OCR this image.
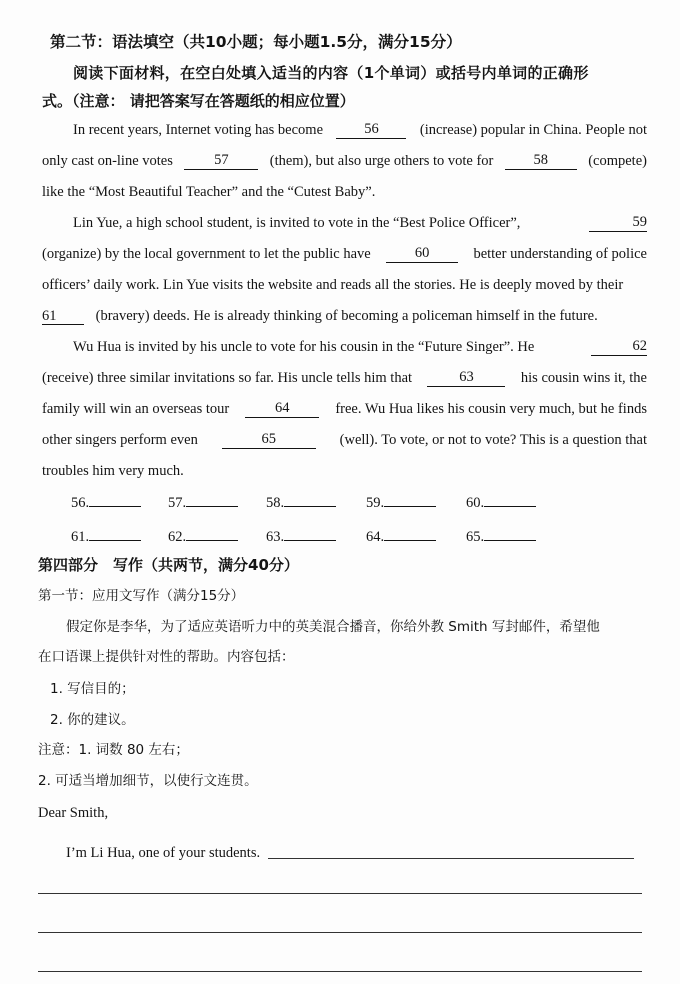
第二节：语法填空（共10小题；每小题1.5分，满分15分）
阅读下面材料，在空白处填入适当的内容（1个单词）或括号内单词的正确形
式。（注意： 请把答案写在答题纸的相应位置）
In recent years, Internet voting has become	56	(increase) popular in China. People not
only cast on-line votes	57	(them), but also urge others to vote for	58	(compete)
like the “Most Beautiful Teacher” and the “Cutest Baby”.
Lin Yue, a high school student, is invited to vote in the “Best Police Officer”,	59
(organize) by the local government to let the public have	60	better understanding of police
officers’ daily work. Lin Yue visits the website and reads all the stories. He is deeply moved by their
61	(bravery) deeds. He is already thinking of becoming a policeman himself in the future.
Wu Hua is invited by his uncle to vote for his cousin in the “Future Singer”. He	62
(receive) three similar invitations so far. His uncle tells him that	63	his cousin wins it, the
family will win an overseas tour	64	free. Wu Hua likes his cousin very much, but he finds
other singers perform even	65	(well). To vote, or not to vote? This is a question that
troubles him very much.
56.	57.	58.	59.	60.
61.	62.	63.	64.	65.
第四部分　写作（共两节，满分40分）
第一节：应用文写作（满分15分）
假定你是李华，为了适应英语听力中的英美混合播音，你给外教 Smith 写封邮件，希望他
在口语课上提供针对性的帮助。内容包括：
1. 写信目的；
2. 你的建议。
注意：1. 词数 80 左右；
2. 可适当增加细节，以使行文连贯。
Dear Smith,
I’m Li Hua, one of your students.
